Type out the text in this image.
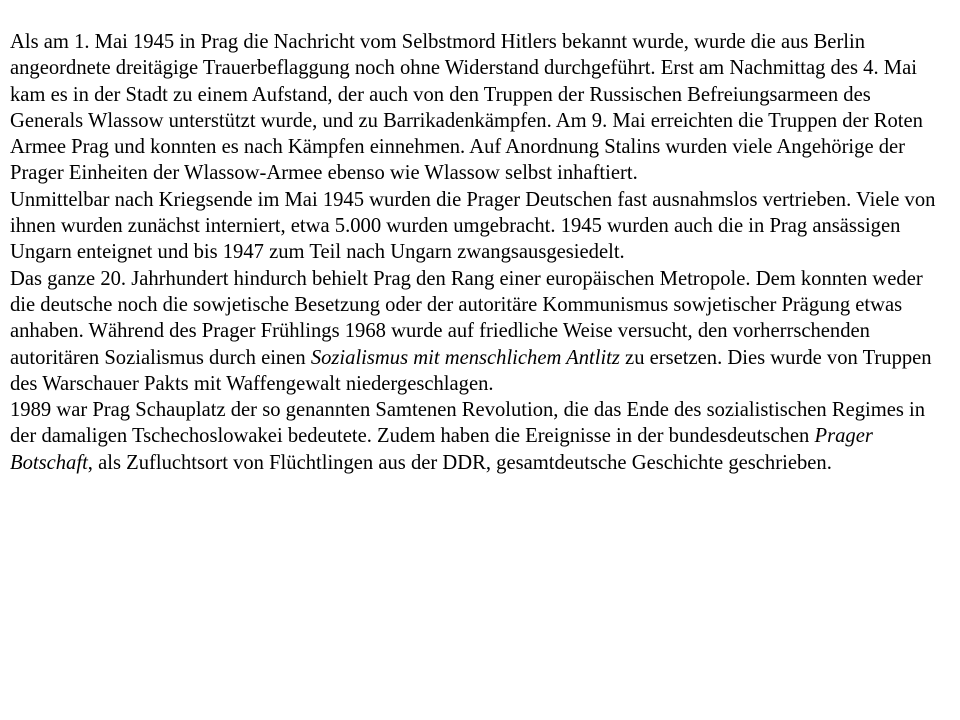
Als am 1. Mai 1945 in Prag die Nachricht vom Selbstmord Hitlers bekannt wurde, wurde die aus Berlin angeordnete dreitägige Trauerbeflaggung noch ohne Widerstand durchgeführt. Erst am Nachmittag des 4. Mai kam es in der Stadt zu einem Aufstand, der auch von den Truppen der Russischen Befreiungsarmeen des Generals Wlassow unterstützt wurde, und zu Barrikadenkämpfen. Am 9. Mai erreichten die Truppen der Roten Armee Prag und konnten es nach Kämpfen einnehmen. Auf Anordnung Stalins wurden viele Angehörige der Prager Einheiten der Wlassow-Armee ebenso wie Wlassow selbst inhaftiert.

Unmittelbar nach Kriegsende im Mai 1945 wurden die Prager Deutschen fast ausnahmslos vertrieben. Viele von ihnen wurden zunächst interniert, etwa 5.000 wurden umgebracht. 1945 wurden auch die in Prag ansässigen Ungarn enteignet und bis 1947 zum Teil nach Ungarn zwangsausgesiedelt.

Das ganze 20. Jahrhundert hindurch behielt Prag den Rang einer europäischen Metropole. Dem konnten weder die deutsche noch die sowjetische Besetzung oder der autoritäre Kommunismus sowjetischer Prägung etwas anhaben. Während des Prager Frühlings 1968 wurde auf friedliche Weise versucht, den vorherrschenden autoritären Sozialismus durch einen Sozialismus mit menschlichem Antlitz zu ersetzen. Dies wurde von Truppen des Warschauer Pakts mit Waffengewalt niedergeschlagen.

1989 war Prag Schauplatz der so genannten Samtenen Revolution, die das Ende des sozialistischen Regimes in der damaligen Tschechoslowakei bedeutete. Zudem haben die Ereignisse in der bundesdeutschen Prager Botschaft, als Zufluchtsort von Flüchtlingen aus der DDR, gesamtdeutsche Geschichte geschrieben.
